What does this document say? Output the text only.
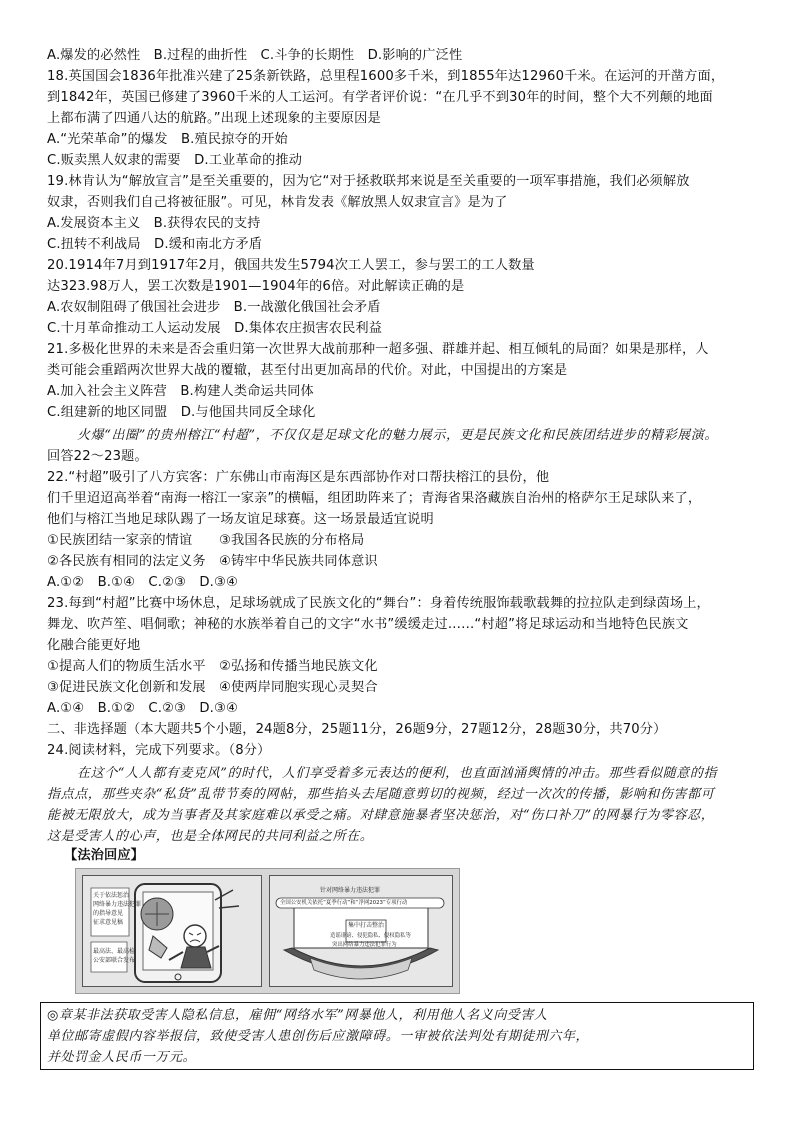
A.爆发的必然性　B.过程的曲折性　C.斗争的长期性　D.影响的广泛性
18.英国国会1836年批准兴建了25条新铁路，总里程1600多千米，到1855年达12960千米。在运河的开凿方面，
到1842年，英国已修建了3960千米的人工运河。有学者评价说：“在几乎不到30年的时间，整个大不列颠的地面
上都布满了四通八达的航路。”出现上述现象的主要原因是
A.“光荣革命”的爆发　B.殖民掠夺的开始
C.贩卖黑人奴隶的需要　D.工业革命的推动
19.林肯认为“解放宣言”是至关重要的，因为它“对于拯救联邦来说是至关重要的一项军事措施，我们必须解放
奴隶，否则我们自己将被征服”。可见，林肯发表《解放黑人奴隶宣言》是为了
A.发展资本主义　B.获得农民的支持
C.扭转不利战局　D.缓和南北方矛盾
20.1914年7月到1917年2月，俄国共发生5794次工人罢工，参与罢工的工人数量
达323.98万人，罢工次数是1901—1904年的6倍。对此解读正确的是
A.农奴制阻碍了俄国社会进步　B.一战激化俄国社会矛盾
C.十月革命推动工人运动发展　D.集体农庄损害农民利益
21.多极化世界的未来是否会重归第一次世界大战前那种一超多强、群雄并起、相互倾轧的局面？如果是那样，人
类可能会重蹈两次世界大战的覆辙，甚至付出更加高昂的代价。对此，中国提出的方案是
A.加入社会主义阵营　B.构建人类命运共同体
C.组建新的地区同盟　D.与他国共同反全球化
火爆“出圈”的贵州榕江“村超”，不仅仅是足球文化的魅力展示，更是民族文化和民族团结进步的精彩展演。
回答22～23题。
22.“村超”吸引了八方宾客：广东佛山市南海区是东西部协作对口帮扶榕江的县份，他
们千里迢迢高举着“南海一榕江一家亲”的横幅，组团助阵来了；青海省果洛藏族自治州的格萨尔王足球队来了，
他们与榕江当地足球队踢了一场友谊足球赛。这一场景最适宜说明
①民族团结一家亲的情谊　　③我国各民族的分布格局
②各民族有相同的法定义务　④铸牢中华民族共同体意识
A.①②　B.①④　C.②③　D.③④
23.每到“村超”比赛中场休息，足球场就成了民族文化的“舞台”：身着传统服饰载歌载舞的拉拉队走到绿茵场上，
舞龙、吹芦笙、唱侗歌；神秘的水族举着自己的文字“水书”缓缓走过……“村超”将足球运动和当地特色民族文
化融合能更好地
①提高人们的物质生活水平　②弘扬和传播当地民族文化
③促进民族文化创新和发展　④使两岸同胞实现心灵契合
A.①④　B.①②　C.②③　D.③④
二、非选择题（本大题共5个小题，24题8分，25题11分，26题9分，27题12分，28题30分，共70分）
24.阅读材料，完成下列要求。（8分）
在这个“人人都有麦克风”的时代，人们享受着多元表达的便利，也直面汹涌舆情的冲击。那些看似随意的指
指点点，那些夹杂“私货”乱带节奏的网帖，那些掐头去尾随意剪切的视频，经过一次次的传播，影响和伤害都可
能被无限放大，成为当事者及其家庭难以承受之痛。对肆意施暴者坚决惩治，对“伤口补刀”的网暴行为零容忍，
这是受害人的心声，也是全体网民的共同利益之所在。
【法治回应】
关于依法惩治
网络暴力违法犯罪
的指导意见
征求意见稿
最高法、最高检
公安部联合发布
针对网络暴力违法犯罪
全国公安机关依托“夏季行动”和“净网2023”专项行动
集中打击整治
造谣诽谤、侵犯隐私、侵权隐私等
突出网络暴力违法犯罪行为
◎章某非法获取受害人隐私信息，雇佣“网络水军”网暴他人，利用他人名义向受害人
单位邮寄虚假内容举报信，致使受害人患创伤后应激障碍。一审被依法判处有期徒刑六年，
并处罚金人民币一万元。
